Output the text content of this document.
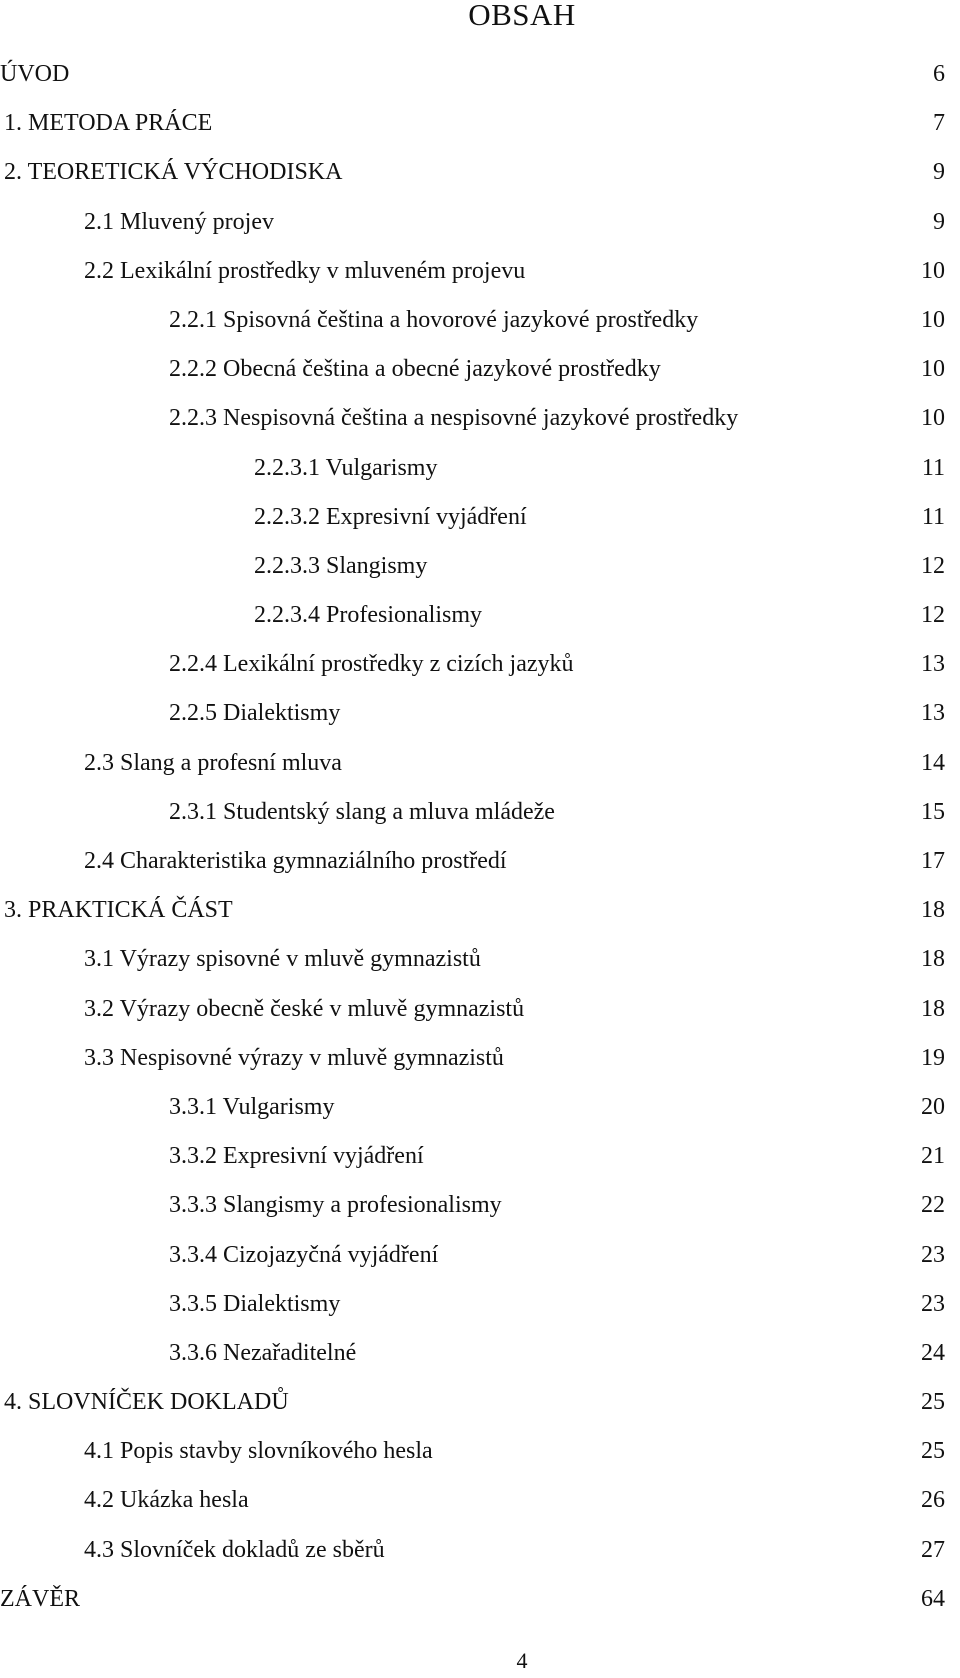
OBSAH
ÚVOD	6
1. METODA PRÁCE	7
2. TEORETICKÁ VÝCHODISKA	9
2.1 Mluvený projev	9
2.2 Lexikální prostředky v mluveném projevu	10
2.2.1 Spisovná čeština a hovorové jazykové prostředky	10
2.2.2 Obecná čeština a obecné jazykové prostředky	10
2.2.3 Nespisovná čeština a nespisovné jazykové prostředky	10
2.2.3.1 Vulgarismy	11
2.2.3.2 Expresivní vyjádření	11
2.2.3.3 Slangismy	12
2.2.3.4 Profesionalismy	12
2.2.4 Lexikální prostředky z cizích jazyků	13
2.2.5 Dialektismy	13
2.3 Slang a profesní mluva	14
2.3.1 Studentský slang a mluva mládeže	15
2.4 Charakteristika gymnaziálního prostředí	17
3. PRAKTICKÁ ČÁST	18
3.1 Výrazy spisovné v mluvě gymnazistů	18
3.2 Výrazy obecně české v mluvě gymnazistů	18
3.3 Nespisovné výrazy v mluvě gymnazistů	19
3.3.1 Vulgarismy	20
3.3.2 Expresivní vyjádření	21
3.3.3 Slangismy a profesionalismy	22
3.3.4 Cizojazyčná vyjádření	23
3.3.5 Dialektismy	23
3.3.6 Nezařaditelné	24
4. SLOVNÍČEK DOKLADŮ	25
4.1 Popis stavby slovníkového hesla	25
4.2 Ukázka hesla	26
4.3 Slovníček dokladů ze sběrů	27
ZÁVĚR	64
4
